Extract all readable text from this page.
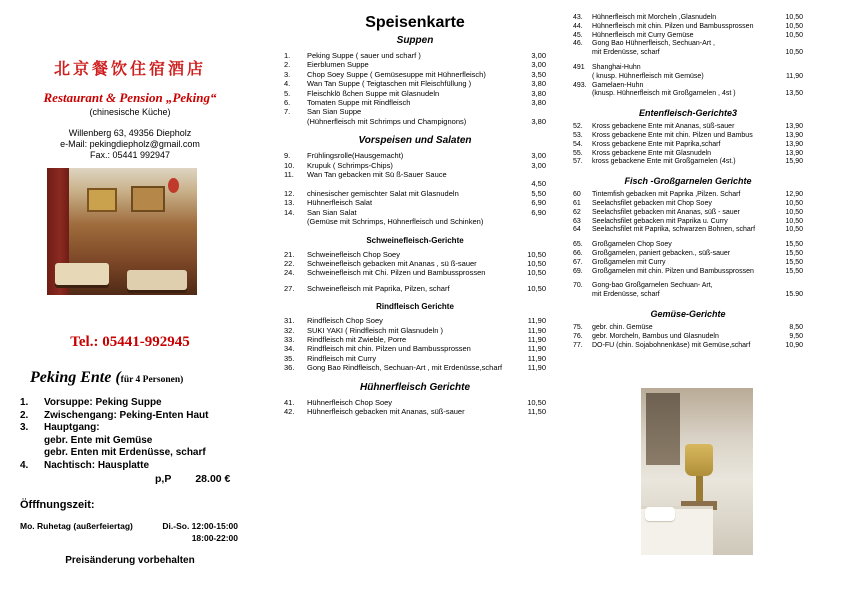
北京餐饮住宿酒店
Restaurant & Pension „Peking“
(chinesische Küche)
Willenberg 63, 49356 Diepholz
e-Mail: pekingdiepholz@gmail.com
Fax.: 05441 992947
Tel.: 05441-992945
Peking Ente (für 4 Personen)
1.	Vorsuppe: Peking Suppe
2.	Zwischengang: Peking-Enten Haut
3.	Hauptgang:
gebr. Ente mit Gemüse
gebr. Enten mit Erdenüsse, scharf
4.	Nachtisch: Hausplatte
p,P 28.00 €
Öfffnungszeit:
Mo. Ruhetag (außerfeiertag)	Di.-So. 12:00-15:00
18:00-22:00
Preisänderung vorbehalten
Speisenkarte
Suppen
1.	Peking Suppe ( sauer und scharf )	3,00
2.	Eierblumen Suppe	3,00
3.	Chop Soey Suppe ( Gemüsesuppe mit Hühnerfleisch)	3,50
4.	Wan Tan Suppe ( Teigtaschen mit Fleischfüllung )	3,80
5.	Fleischklö ßchen Suppe mit Glasnudeln	3,80
6.	Tomaten Suppe mit Rindfleisch	3,80
7.	San Sian Suppe
(Hühnerfleisch mit Schrimps und Champignons)	3,80
Vorspeisen und Salaten
9.	Frühlingsrolle(Hausgemacht)	3,00
10.	Krupuk ( Schrimps-Chips)	3,00
11.	Wan Tan gebacken mit Sü ß-Sauer Sauce
4,50
12.	chinesischer gemischter Salat mit Glasnudeln	5,50
13.	Hühnerfleisch Salat	6,90
14.	San Sian Salat	6,90
(Gemüse mit Schrimps, Hühnerfleisch und Schinken)
Schweinefleisch-Gerichte
21.	Schweinefleisch Chop Soey	10,50
22.	Schweinefleisch gebacken mit Ananas , sü ß-sauer	10,50
24.	Schweinefleisch mit Chi. Pilzen und Bambussprossen	10,50
27.	Schweinefleisch mit Paprika, Pilzen, scharf	10,50
Rindfleisch Gerichte
31.	Rindfleisch Chop Soey	11,90
32.	SUKI YAKI ( Rindfleisch mit Glasnudeln )	11,90
33.	Rindfleisch mit Zwieble, Porre	11,90
34.	Rindfleisch mit chin. Pilzen und Bambussprossen	11,90
35.	Rindfleisch mit Curry	11,90
36.	Gong Bao Rindfleisch, Sechuan-Art , mit Erdenüsse,scharf	11,90
Hühnerfleisch Gerichte
41.	Hühnerfleisch Chop Soey	10,50
42.	Hühnerfleisch gebacken mit Ananas, süß-sauer	11,50
43.	Hühnerfleisch mit Morcheln ,Glasnudeln	10,50
44.	Hühnerfleisch mit chin. Pilzen und Bambussprossen	10,50
45.	Hühnerfleisch mit Curry Gemüse	10,50
46.	Gong Bao Hühnerfleisch, Sechuan-Art ,
mit Erdenüsse, scharf	10,50
491	Shanghai-Huhn
( knusp. Hühnerfleisch mit Gemüse)	11,90
493. Gamelaen-Huhn
(knusp. Hühnerfleisch mit Großgarnelen , 4st )	13,50
Entenfleisch-Gerichte3
52.	Kross gebackene Ente mit Ananas, süß-sauer	13,90
53.	Kross gebackene Ente mit chin. Pilzen und Bambus	13,90
54.	Kross gebackene Ente mit Paprika,scharf	13,90
55.	Kross gebackene Ente mit Glasnudeln	13,90
57.	kross gebackene Ente mit Großgarnelen (4st.)	15,90
Fisch -Großgarnelen Gerichte
60	Tintemfish gebacken mit Paprika ,Pilzen. Scharf	12,90
61	Seelachsfilet gebacken mit Chop Soey	10,50
62	Seelachsfilet gebacken mit Ananas, süß - sauer	10,50
63	Seelachsfilet gebacken mit Paprika u. Curry	10,50
64	Seelachsfilet mit Paprika, schwarzen Bohnen, scharf	10,50
65.	Großgarnelen Chop Soey	15,50
66.	Großgarnelen, paniert gebacken., süß-sauer	15,50
67.	Großgarnelen mit Curry	15,50
69.	Großgarnelen mit chin. Pilzen und Bambussprossen	15,50
70.	Gong-bao Großgarnelen Sechuan- Art,
mit Erdenüsse, scharf	15.90
Gemüse-Gerichte
75.	gebr. chin. Gemüse	8,50
76.	gebr. Morcheln, Bambus und Glasnudeln	9,50
77.	DO-FU (chin. Sojabohnenkäse) mit Gemüse,scharf	10,90
